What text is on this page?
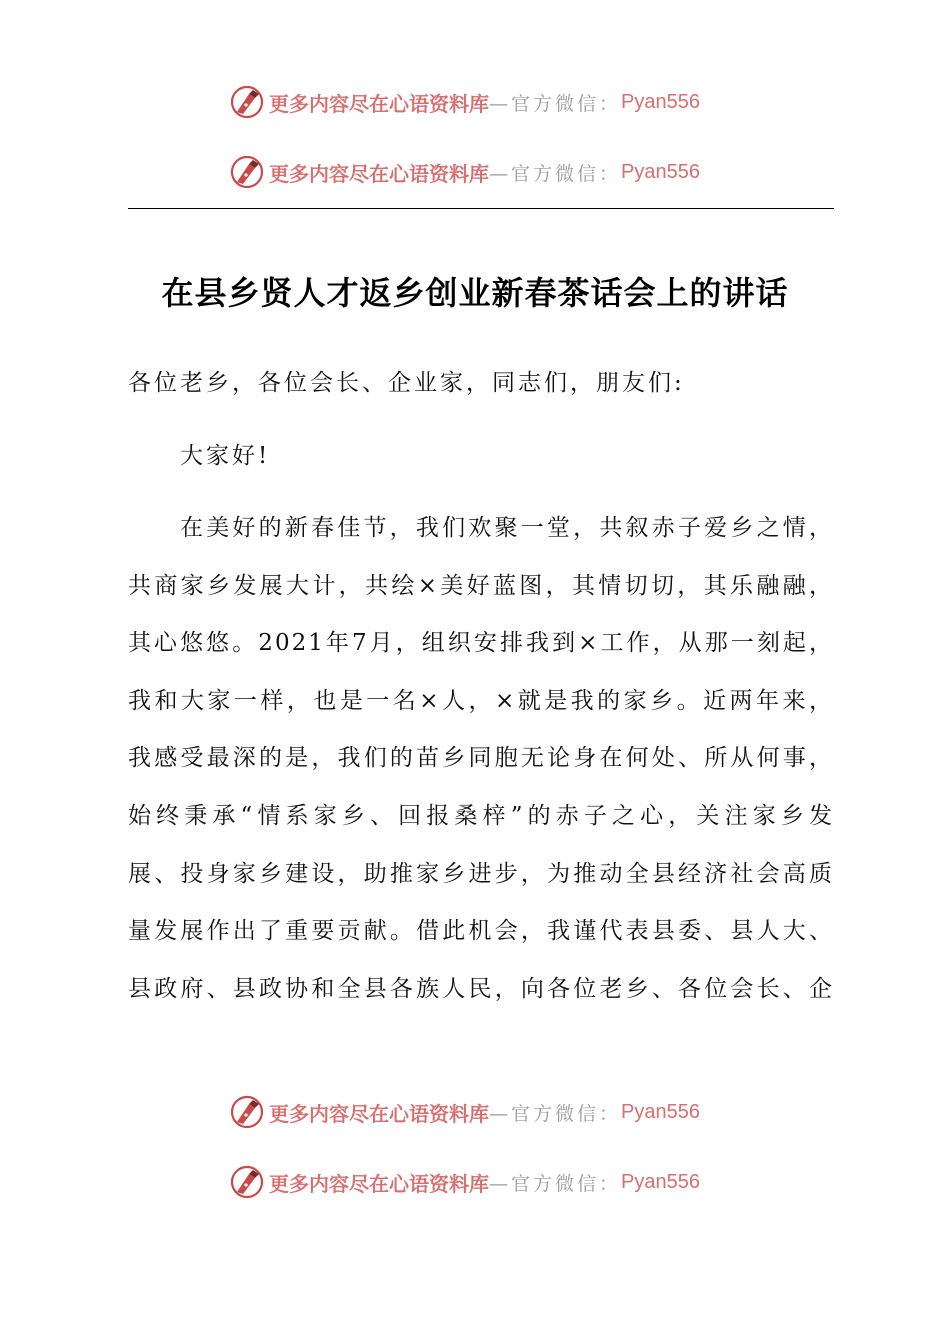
更多内容尽在心语资料库 —官方微信： Pyan556
更多内容尽在心语资料库 —官方微信： Pyan556
在县乡贤人才返乡创业新春茶话会上的讲话

各位老乡，各位会长、企业家，同志们，朋友们:

大家好!

在美好的新春佳节，我们欢聚一堂，共叙赤子爱乡之情，
共商家乡发展大计，共绘×美好蓝图，其情切切，其乐融融，
其心悠悠。2021年7月，组织安排我到×工作，从那一刻起，
我和大家一样，也是一名×人，×就是我的家乡。近两年来，
我感受最深的是，我们的苗乡同胞无论身在何处、所从何事，
始终秉承“情系家乡、回报桑梓”的赤子之心，关注家乡发
展、投身家乡建设，助推家乡进步，为推动全县经济社会高质
量发展作出了重要贡献。借此机会，我谨代表县委、县人大、
县政府、县政协和全县各族人民，向各位老乡、各位会长、企
更多内容尽在心语资料库 —官方微信： Pyan556
更多内容尽在心语资料库 —官方微信： Pyan556
